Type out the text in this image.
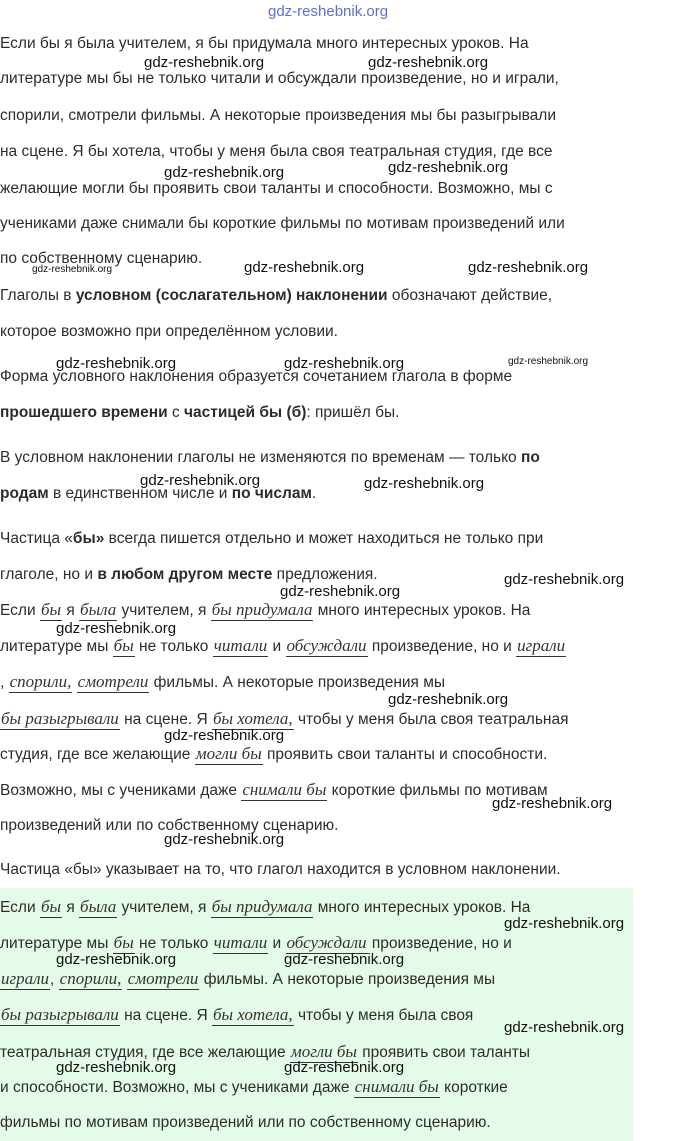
Если бы я была учителем, я бы придумала много интересных уроков. На
литературе мы бы не только читали и обсуждали произведение, но и играли,
спорили, смотрели фильмы. А некоторые произведения мы бы разыгрывали
на сцене. Я бы хотела, чтобы у меня была своя театральная студия, где все
желающие могли бы проявить свои таланты и способности. Возможно, мы с
учениками даже снимали бы короткие фильмы по мотивам произведений или
по собственному сценарию.
Глаголы в условном (сослагательном) наклонении обозначают действие,
которое возможно при определённом условии.
Форма условного наклонения образуется сочетанием глагола в форме
прошедшего времени с частицей бы (б): пришёл бы.
В условном наклонении глаголы не изменяются по временам — только по
родам в единственном числе и по числам.
Частица «бы» всегда пишется отдельно и может находиться не только при
глаголе, но и в любом другом месте предложения.
Если бы я была учителем, я бы придумала много интересных уроков. На
литературе мы бы не только читали и обсуждали произведение, но и играли
, спорили, смотрели фильмы. А некоторые произведения мы
бы разыгрывали на сцене. Я бы хотела, чтобы у меня была своя театральная
студия, где все желающие могли бы проявить свои таланты и способности.
Возможно, мы с учениками даже снимали бы короткие фильмы по мотивам
произведений или по собственному сценарию.
Частица «бы» указывает на то, что глагол находится в условном наклонении.
Если бы я была учителем, я бы придумала много интересных уроков. На
литературе мы бы не только читали и обсуждали произведение, но и
играли, спорили, смотрели фильмы. А некоторые произведения мы
бы разыгрывали на сцене. Я бы хотела, чтобы у меня была своя
театральная студия, где все желающие могли бы проявить свои таланты
и способности. Возможно, мы с учениками даже снимали бы короткие
фильмы по мотивам произведений или по собственному сценарию.
gdz-reshebnik.org
gdz-reshebnik.org	gdz-reshebnik.org
gdz-reshebnik.org
gdz-reshebnik.org
gdz-reshebnik.org	gdz-reshebnik.org
gdz-reshebnik.org
gdz-reshebnik.org	gdz-reshebnik.org	gdz-reshebnik.org
gdz-reshebnik.org	gdz-reshebnik.org
gdz-reshebnik.org
gdz-reshebnik.org
gdz-reshebnik.org
gdz-reshebnik.org
gdz-reshebnik.org
gdz-reshebnik.org
gdz-reshebnik.org
gdz-reshebnik.org
gdz-reshebnik.org	gdz-reshebnik.org
gdz-reshebnik.org
gdz-reshebnik.org	gdz-reshebnik.org
